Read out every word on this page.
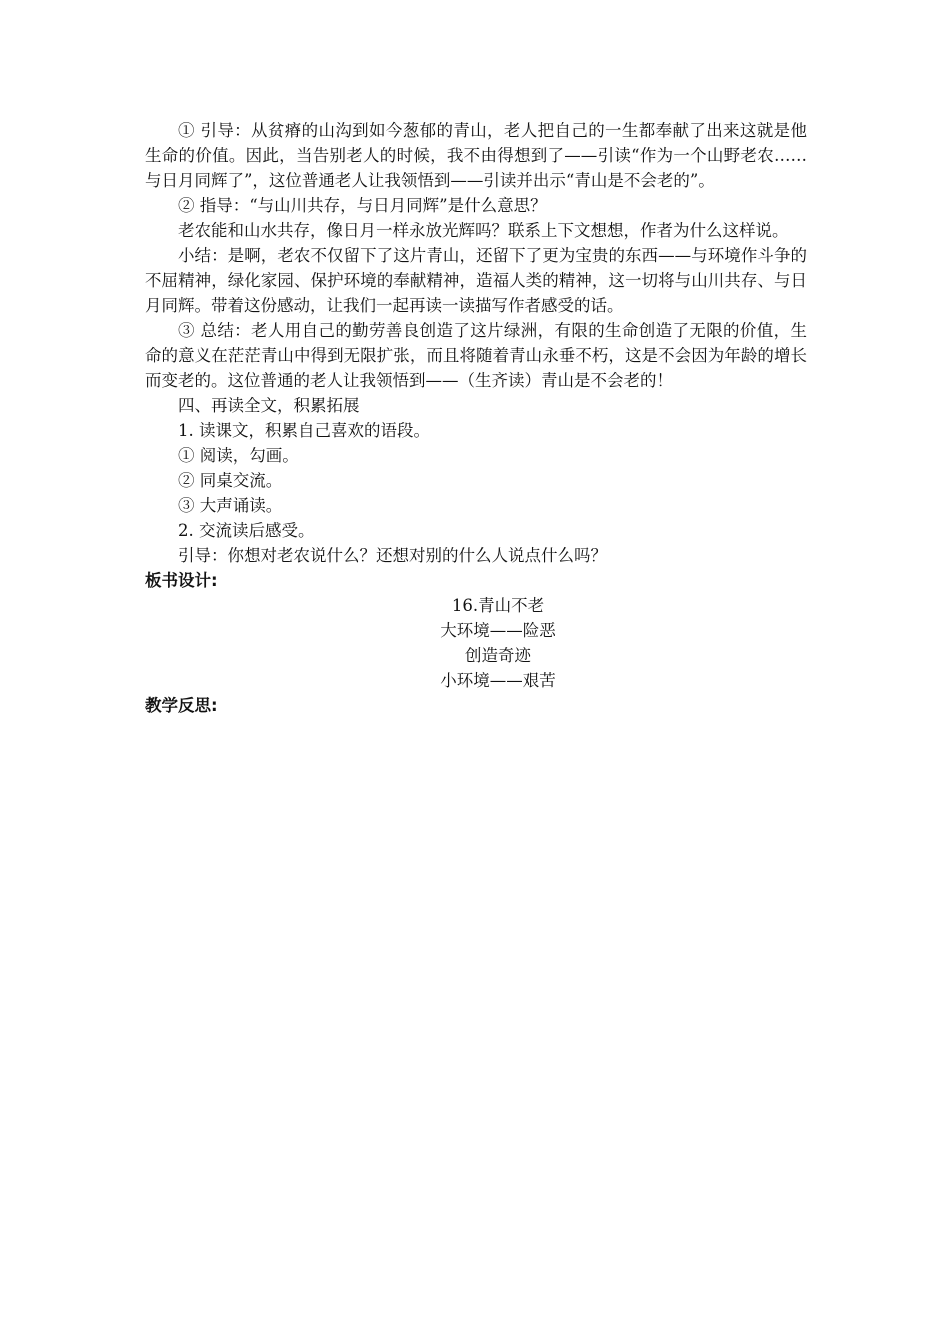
① 引导：从贫瘠的山沟到如今葱郁的青山，老人把自己的一生都奉献了出来这就是他生命的价值。因此，当告别老人的时候，我不由得想到了——引读“作为一个山野老农……与日月同辉了”，这位普通老人让我领悟到——引读并出示“青山是不会老的”。

② 指导：“与山川共存，与日月同辉”是什么意思？

老农能和山水共存，像日月一样永放光辉吗？联系上下文想想，作者为什么这样说。

小结：是啊，老农不仅留下了这片青山，还留下了更为宝贵的东西——与环境作斗争的不屈精神，绿化家园、保护环境的奉献精神，造福人类的精神，这一切将与山川共存、与日月同辉。带着这份感动，让我们一起再读一读描写作者感受的话。

③ 总结：老人用自己的勤劳善良创造了这片绿洲，有限的生命创造了无限的价值，生命的意义在茫茫青山中得到无限扩张，而且将随着青山永垂不朽，这是不会因为年龄的增长而变老的。这位普通的老人让我领悟到——（生齐读）青山是不会老的！

四、再读全文，积累拓展

1. 读课文，积累自己喜欢的语段。

① 阅读，勾画。

② 同桌交流。

③ 大声诵读。

2. 交流读后感受。

引导：你想对老农说什么？还想对别的什么人说点什么吗？

板书设计:

16.青山不老
大环境——险恶
创造奇迹
小环境——艰苦

教学反思:
